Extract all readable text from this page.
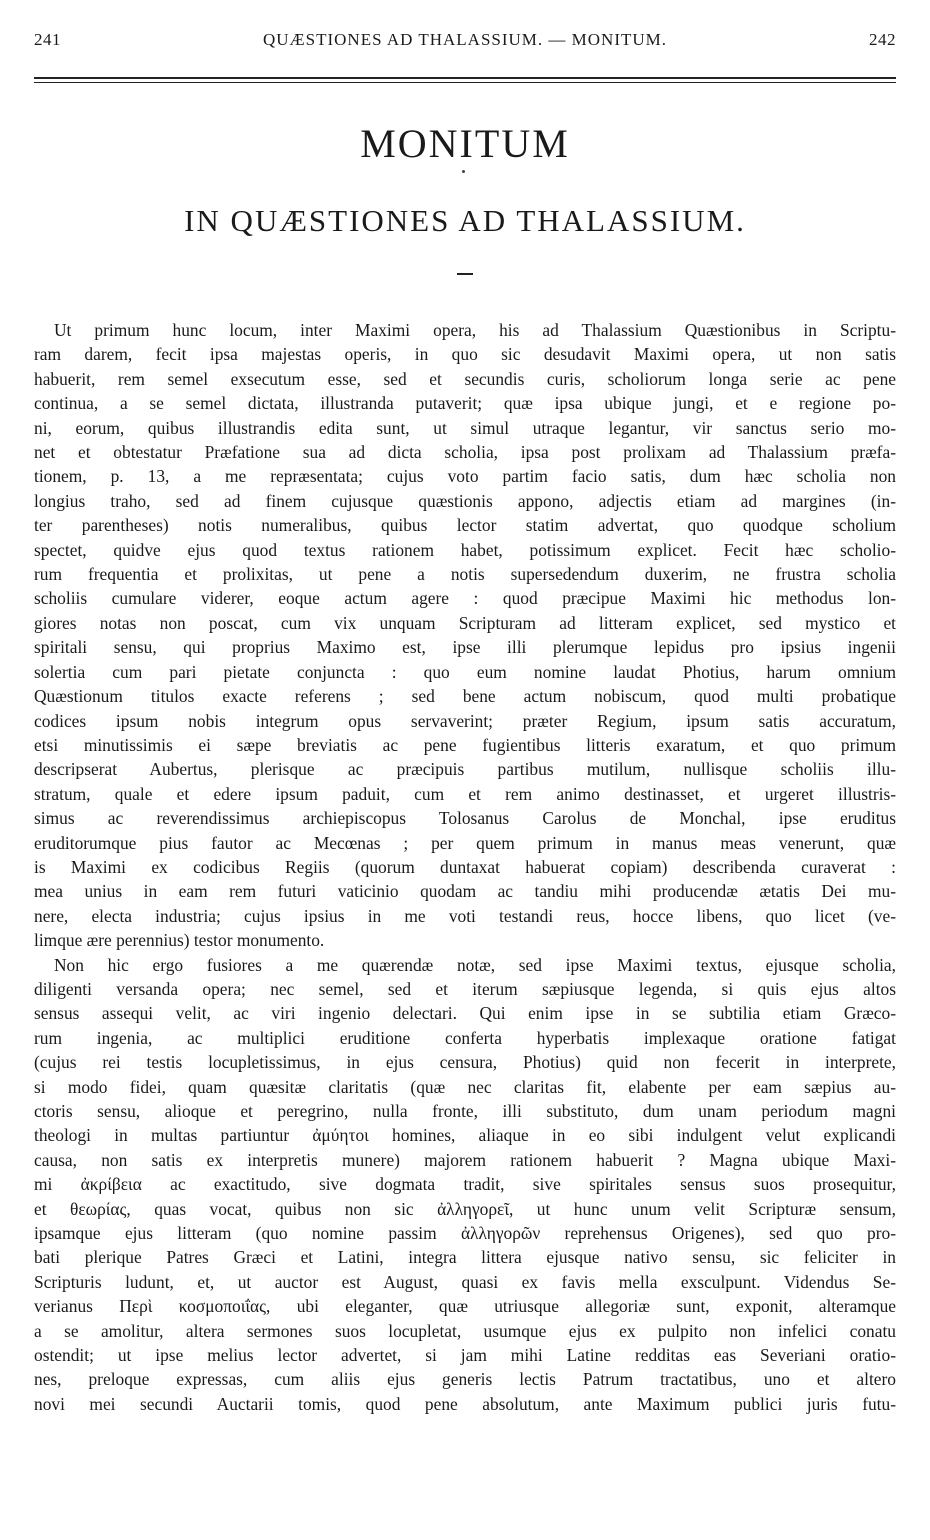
241	QUÆSTIONES AD THALASSIUM. — MONITUM.	242
MONITUM
IN QUÆSTIONES AD THALASSIUM.

Ut primum hunc locum, inter Maximi opera, his ad Thalassium Quæstionibus in Scriptu-

ram darem, fecit ipsa majestas operis, in quo sic desudavit Maximi opera, ut non satis

habuerit, rem semel exsecutum esse, sed et secundis curis, scholiorum longa serie ac pene

continua, a se semel dictata, illustranda putaverit; quæ ipsa ubique jungi, et e regione po-

ni, eorum, quibus illustrandis edita sunt, ut simul utraque legantur, vir sanctus serio mo-

net et obtestatur Præfatione sua ad dicta scholia, ipsa post prolixam ad Thalassium præfa-

tionem, p. 13, a me repræsentata; cujus voto partim facio satis, dum hæc scholia non

longius traho, sed ad finem cujusque quæstionis appono, adjectis etiam ad margines (in-

ter parentheses) notis numeralibus, quibus lector statim advertat, quo quodque scholium

spectet, quidve ejus quod textus rationem habet, potissimum explicet. Fecit hæc scholio-

rum frequentia et prolixitas, ut pene a notis supersedendum duxerim, ne frustra scholia

scholiis cumulare viderer, eoque actum agere : quod præcipue Maximi hic methodus lon-

giores notas non poscat, cum vix unquam Scripturam ad litteram explicet, sed mystico et

spiritali sensu, qui proprius Maximo est, ipse illi plerumque lepidus pro ipsius ingenii

solertia cum pari pietate conjuncta : quo eum nomine laudat Photius, harum omnium

Quæstionum titulos exacte referens ; sed bene actum nobiscum, quod multi probatique

codices ipsum nobis integrum opus servaverint; præter Regium, ipsum satis accuratum,

etsi minutissimis ei sæpe breviatis ac pene fugientibus litteris exaratum, et quo primum

descripserat Aubertus, plerisque ac præcipuis partibus mutilum, nullisque scholiis illu-

stratum, quale et edere ipsum paduit, cum et rem animo destinasset, et urgeret illustris-

simus ac reverendissimus archiepiscopus Tolosanus Carolus de Monchal, ipse eruditus

eruditorumque pius fautor ac Mecœnas ; per quem primum in manus meas venerunt, quæ

is Maximi ex codicibus Regiis (quorum duntaxat habuerat copiam) describenda curaverat :

mea unius in eam rem futuri vaticinio quodam ac tandiu mihi producendæ ætatis Dei mu-

nere, electa industria; cujus ipsius in me voti testandi reus, hocce libens, quo licet (ve-

limque ære perennius) testor monumento.

Non hic ergo fusiores a me quærendæ notæ, sed ipse Maximi textus, ejusque scholia,

diligenti versanda opera; nec semel, sed et iterum sæpiusque legenda, si quis ejus altos

sensus assequi velit, ac viri ingenio delectari. Qui enim ipse in se subtilia etiam Græco-

rum ingenia, ac multiplici eruditione conferta hyperbatis implexaque oratione fatigat

(cujus rei testis locupletissimus, in ejus censura, Photius) quid non fecerit in interprete,

si modo fidei, quam quæsitæ claritatis (quæ nec claritas fit, elabente per eam sæpius au-

ctoris sensu, alioque et peregrino, nulla fronte, illi substituto, dum unam periodum magni

theologi in multas partiuntur ἀμύητοι homines, aliaque in eo sibi indulgent velut explicandi

causa, non satis ex interpretis munere) majorem rationem habuerit ? Magna ubique Maxi-

mi ἀκρίβεια ac exactitudo, sive dogmata tradit, sive spiritales sensus suos prosequitur,

et θεωρίας, quas vocat, quibus non sic ἀλληγορεῖ, ut hunc unum velit Scripturæ sensum,

ipsamque ejus litteram (quo nomine passim ἀλληγορῶν reprehensus Origenes), sed quo pro-

bati plerique Patres Græci et Latini, integra littera ejusque nativo sensu, sic feliciter in

Scripturis ludunt, et, ut auctor est August, quasi ex favis mella exsculpunt. Videndus Se-

verianus Περὶ κοσμοποιΐας, ubi eleganter, quæ utriusque allegoriæ sunt, exponit, alteramque

a se amolitur, altera sermones suos locupletat, usumque ejus ex pulpito non infelici conatu

ostendit; ut ipse melius lector advertet, si jam mihi Latine redditas eas Severiani oratio-

nes, preloque expressas, cum aliis ejus generis lectis Patrum tractatibus, uno et altero

novi mei secundi Auctarii tomis, quod pene absolutum, ante Maximum publici juris futu-
